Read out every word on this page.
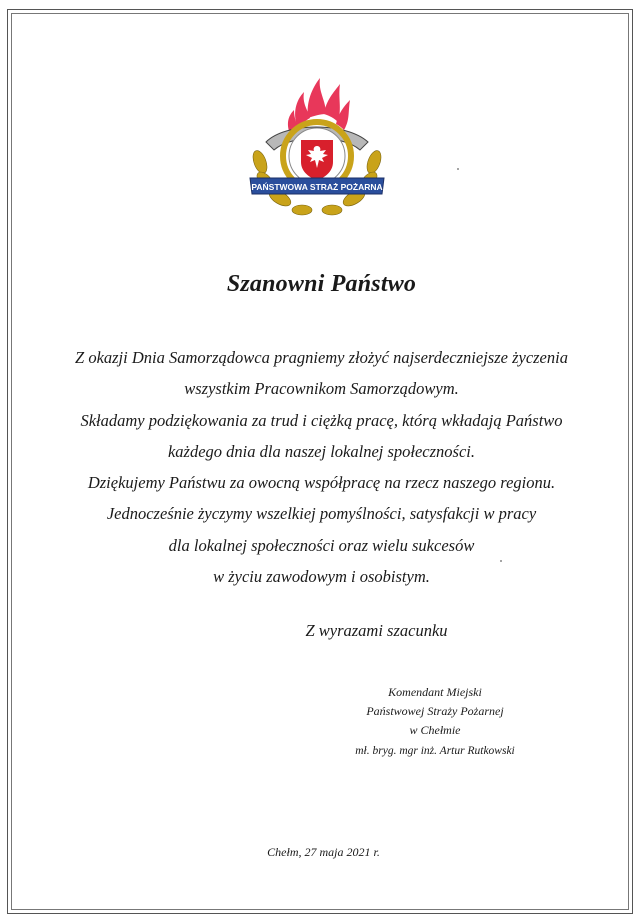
PAŃSTWOWA STRAŻ POŻARNA
Szanowni Państwo
Z okazji Dnia Samorządowca pragniemy złożyć najserdeczniejsze życzenia
wszystkim Pracownikom Samorządowym.
Składamy podziękowania za trud i ciężką pracę, którą wkładają Państwo
każdego dnia dla naszej lokalnej społeczności.
Dziękujemy Państwu za owocną współpracę na rzecz naszego regionu.
Jednocześnie życzymy wszelkiej pomyślności, satysfakcji w pracy
dla lokalnej społeczności oraz wielu sukcesów
w życiu zawodowym i osobistym.
Z wyrazami szacunku
Komendant Miejski
Państwowej Straży Pożarnej
w Chełmie
mł. bryg. mgr inż. Artur Rutkowski
Chełm, 27 maja 2021 r.
